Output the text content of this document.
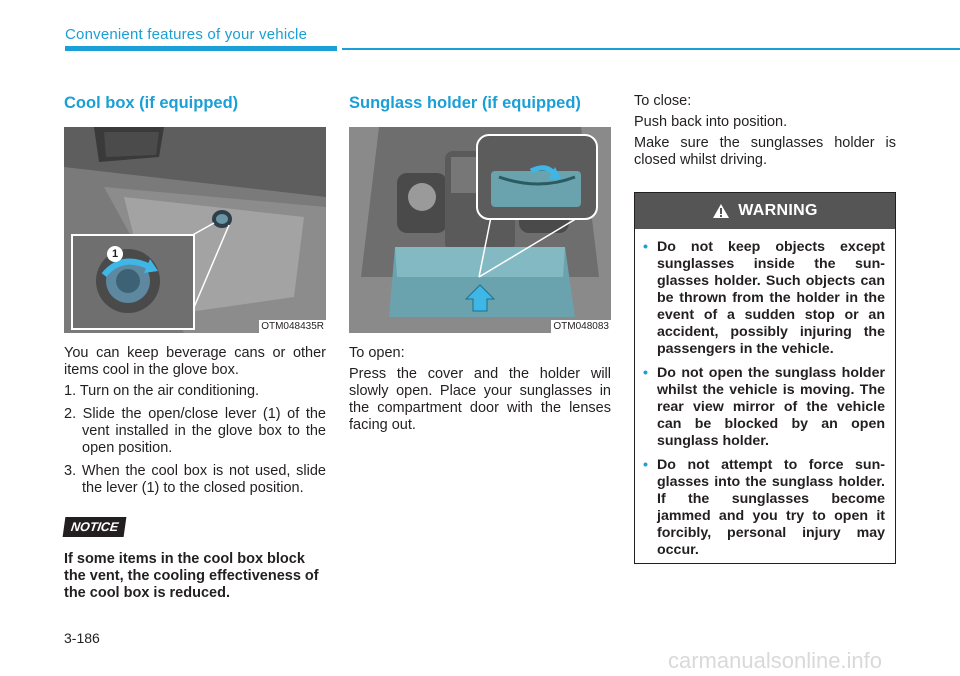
Convenient features of your vehicle
Cool box (if equipped)
1
OTM048435R

You can keep beverage cans or other items cool in the glove box.

1. Turn on the air conditioning.
2. Slide the open/close lever (1) of the vent installed in the glove box to the open position.
3. When the cool box is not used, slide the lever (1) to the closed position.
NOTICE
If some items in the cool box block the vent, the cooling effectiveness of the cool box is reduced.
Sunglass holder (if equipped)
OTM048083

To open:

Press the cover and the holder will slowly open. Place your sunglasses in the compartment door with the lenses facing out.

To close:

Push back into position.

Make sure the sunglasses holder is closed whilst driving.

WARNING
• Do not keep objects except sunglasses inside the sun-glasses holder. Such objects can be thrown from the holder in the event of a sudden stop or an accident, possibly injuring the passengers in the vehicle.
• Do not open the sunglass holder whilst the vehicle is moving. The rear view mirror of the vehicle can be blocked by an open sunglass holder.
• Do not attempt to force sun-glasses into the sunglass holder. If the sunglasses become jammed and you try to open it forcibly, personal injury may occur.
3-186
carmanualsonline.info
